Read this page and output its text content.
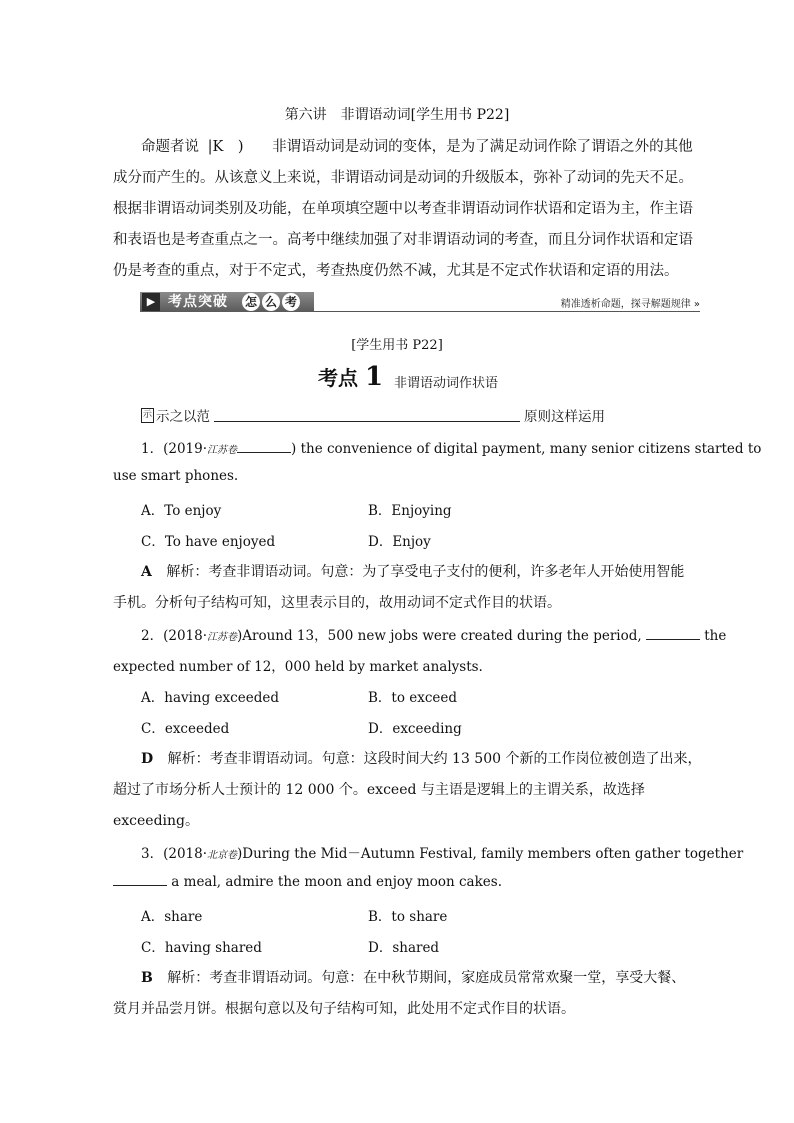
第六讲　非谓语动词[学生用书 P22]
命题者说 |K　) 非谓语动词是动词的变体，是为了满足动词作除了谓语之外的其他
成分而产生的。从该意义上来说，非谓语动词是动词的升级版本，弥补了动词的先天不足。
根据非谓语动词类别及功能，在单项填空题中以考查非谓语动词作状语和定语为主，作主语
和表语也是考查重点之一。高考中继续加强了对非谓语动词的考查，而且分词作状语和定语
仍是考查的重点，对于不定式，考查热度仍然不减，尤其是不定式作状语和定语的用法。
▶ 考点突破 怎 么 考	精准透析命题，探寻解题规律 »
[学生用书 P22]
考点 1 非谓语动词作状语
示 示之以范	原则这样运用
1．(2019·江苏卷	) the convenience of digital payment, many senior citizens started to
use smart phones.
A．To enjoy	B．Enjoying
C．To have enjoyed	D．Enjoy
A 解析：考查非谓语动词。句意：为了享受电子支付的便利，许多老年人开始使用智能
手机。分析句子结构可知，这里表示目的，故用动词不定式作目的状语。
2．(2018·江苏卷)Around 13，500 new jobs were created during the period,	the
expected number of 12，000 held by market analysts.
A．having exceeded	B．to exceed
C．exceeded	D．exceeding
D 解析：考查非谓语动词。句意：这段时间大约 13 500 个新的工作岗位被创造了出来，
超过了市场分析人士预计的 12 000 个。exceed 与主语是逻辑上的主谓关系，故选择
exceeding。
3．(2018·北京卷)During the Mid－Autumn Festival, family members often gather together
a meal, admire the moon and enjoy moon cakes.
A．share	B．to share
C．having shared	D．shared
B 解析：考查非谓语动词。句意：在中秋节期间，家庭成员常常欢聚一堂，享受大餐、
赏月并品尝月饼。根据句意以及句子结构可知，此处用不定式作目的状语。
